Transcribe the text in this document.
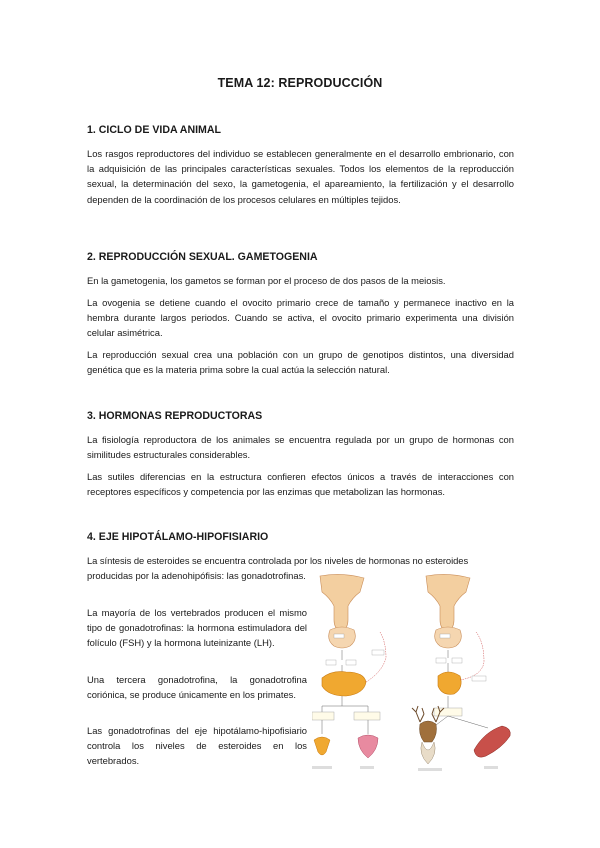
TEMA 12: REPRODUCCIÓN
1. CICLO DE VIDA ANIMAL

Los rasgos reproductores del individuo se establecen generalmente en el desarrollo embrionario, con la adquisición de las principales características sexuales. Todos los elementos de la reproducción sexual, la determinación del sexo, la gametogenia, el apareamiento, la fertilización y el desarrollo dependen de la coordinación de los procesos celulares en múltiples tejidos.

2. REPRODUCCIÓN SEXUAL. GAMETOGENIA

En la gametogenia, los gametos se forman por el proceso de dos pasos de la meiosis.

La ovogenia se detiene cuando el ovocito primario crece de tamaño y permanece inactivo en la hembra durante largos periodos. Cuando se activa, el ovocito primario experimenta una división celular asimétrica.

La reproducción sexual crea una población con un grupo de genotipos distintos, una diversidad genética que es la materia prima sobre la cual actúa la selección natural.

3. HORMONAS REPRODUCTORAS

La fisiología reproductora de los animales se encuentra regulada por un grupo de hormonas con similitudes estructurales considerables.

Las sutiles diferencias en la estructura confieren efectos únicos a través de interacciones con receptores específicos y competencia por las enzimas que metabolizan las hormonas.

4. EJE HIPOTÁLAMO-HIPOFISIARIO

La síntesis de esteroides se encuentra controlada por los niveles de hormonas no esteroides

producidas por la adenohipófisis: las gonadotrofinas.

La mayoría de los vertebrados producen el mismo tipo de gonadotrofinas: la hormona estimuladora del folículo (FSH) y la hormona luteinizante (LH).

Una tercera gonadotrofina, la gonadotrofina coriónica, se produce únicamente en los primates.

Las gonadotrofinas del eje hipotálamo-hipofisiario controla los niveles de esteroides en los vertebrados.
